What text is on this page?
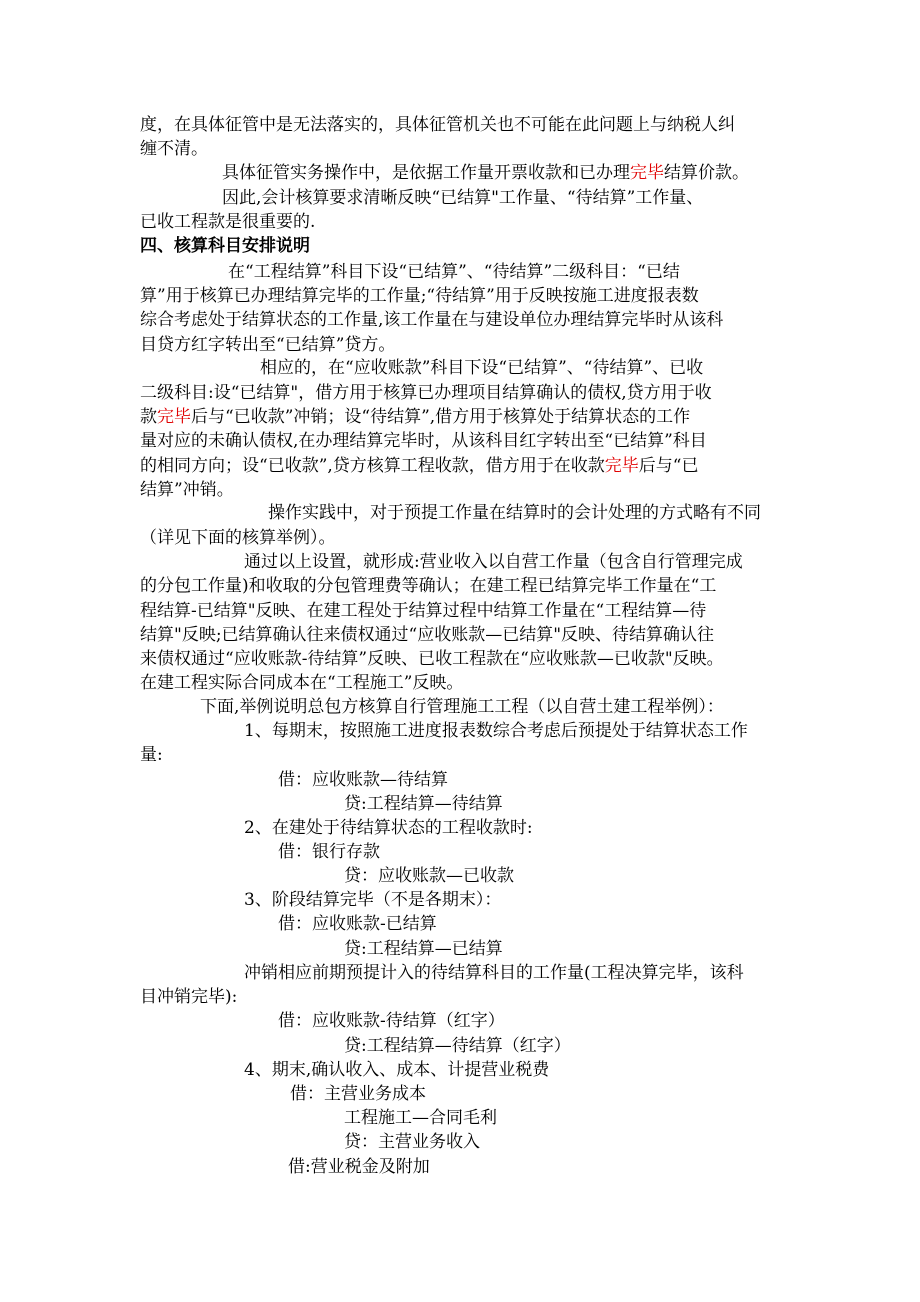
度，在具体征管中是无法落实的，具体征管机关也不可能在此问题上与纳税人纠
缠不清。
具体征管实务操作中，是依据工作量开票收款和已办理完毕结算价款。
因此,会计核算要求清晰反映“已结算"工作量、“待结算”工作量、
已收工程款是很重要的.
四、核算科目安排说明
在“工程结算”科目下设“已结算”、“待结算”二级科目：“已结
算”用于核算已办理结算完毕的工作量;“待结算”用于反映按施工进度报表数
综合考虑处于结算状态的工作量,该工作量在与建设单位办理结算完毕时从该科
目贷方红字转出至“已结算”贷方。
相应的，在“应收账款”科目下设“已结算”、“待结算”、已收
二级科目:设“已结算"，借方用于核算已办理项目结算确认的债权,贷方用于收
款完毕后与“已收款”冲销；设“待结算”,借方用于核算处于结算状态的工作
量对应的未确认债权,在办理结算完毕时，从该科目红字转出至“已结算”科目
的相同方向；设“已收款”,贷方核算工程收款，借方用于在收款完毕后与“已
结算”冲销。
操作实践中，对于预提工作量在结算时的会计处理的方式略有不同
（详见下面的核算举例）。
通过以上设置，就形成:营业收入以自营工作量（包含自行管理完成
的分包工作量)和收取的分包管理费等确认；在建工程已结算完毕工作量在“工
程结算-已结算"反映、在建工程处于结算过程中结算工作量在“工程结算—待
结算"反映;已结算确认往来债权通过“应收账款—已结算"反映、待结算确认往
来债权通过“应收账款-待结算”反映、已收工程款在“应收账款—已收款"反映。
在建工程实际合同成本在“工程施工”反映。
下面,举例说明总包方核算自行管理施工工程（以自营土建工程举例）：
1、每期末，按照施工进度报表数综合考虑后预提处于结算状态工作
量:
借：应收账款—待结算
贷:工程结算—待结算
2、在建处于待结算状态的工程收款时:
借：银行存款
贷：应收账款—已收款
3、阶段结算完毕（不是各期末）：
借：应收账款-已结算
贷:工程结算—已结算
冲销相应前期预提计入的待结算科目的工作量(工程决算完毕，该科
目冲销完毕):
借：应收账款-待结算（红字）
贷:工程结算—待结算（红字）
4、期末,确认收入、成本、计提营业税费
借：主营业务成本
工程施工—合同毛利
贷：主营业务收入
借:营业税金及附加
